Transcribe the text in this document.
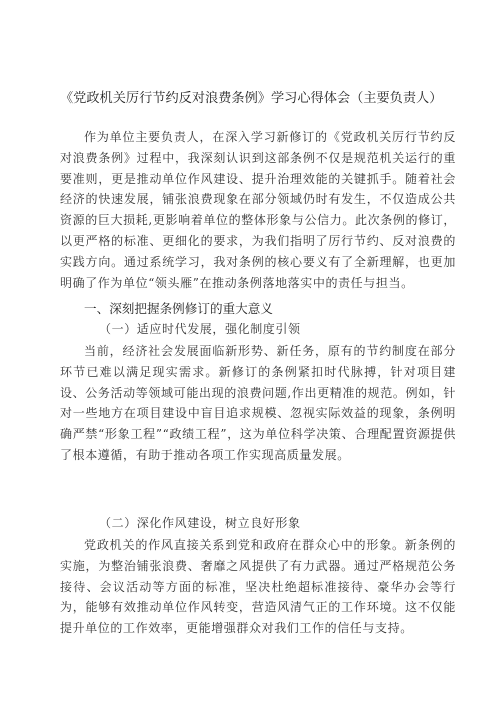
《党政机关厉行节约反对浪费条例》学习心得体会（主要负责人）
作为单位主要负责人，在深入学习新修订的《党政机关厉行节约反对浪费条例》过程中，我深刻认识到这部条例不仅是规范机关运行的重要准则，更是推动单位作风建设、提升治理效能的关键抓手。随着社会经济的快速发展，铺张浪费现象在部分领域仍时有发生，不仅造成公共资源的巨大损耗,更影响着单位的整体形象与公信力。此次条例的修订，以更严格的标准、更细化的要求，为我们指明了厉行节约、反对浪费的实践方向。通过系统学习，我对条例的核心要义有了全新理解，也更加明确了作为单位“领头雁”在推动条例落地落实中的责任与担当。
一、深刻把握条例修订的重大意义
（一）适应时代发展，强化制度引领
当前，经济社会发展面临新形势、新任务，原有的节约制度在部分环节已难以满足现实需求。新修订的条例紧扣时代脉搏，针对项目建设、公务活动等领域可能出现的浪费问题,作出更精准的规范。例如，针对一些地方在项目建设中盲目追求规模、忽视实际效益的现象，条例明确严禁“形象工程”“政绩工程”，这为单位科学决策、合理配置资源提供了根本遵循，有助于推动各项工作实现高质量发展。
（二）深化作风建设，树立良好形象
党政机关的作风直接关系到党和政府在群众心中的形象。新条例的实施，为整治铺张浪费、奢靡之风提供了有力武器。通过严格规范公务接待、会议活动等方面的标准，坚决杜绝超标准接待、豪华办会等行为，能够有效推动单位作风转变，营造风清气正的工作环境。这不仅能提升单位的工作效率，更能增强群众对我们工作的信任与支持。
